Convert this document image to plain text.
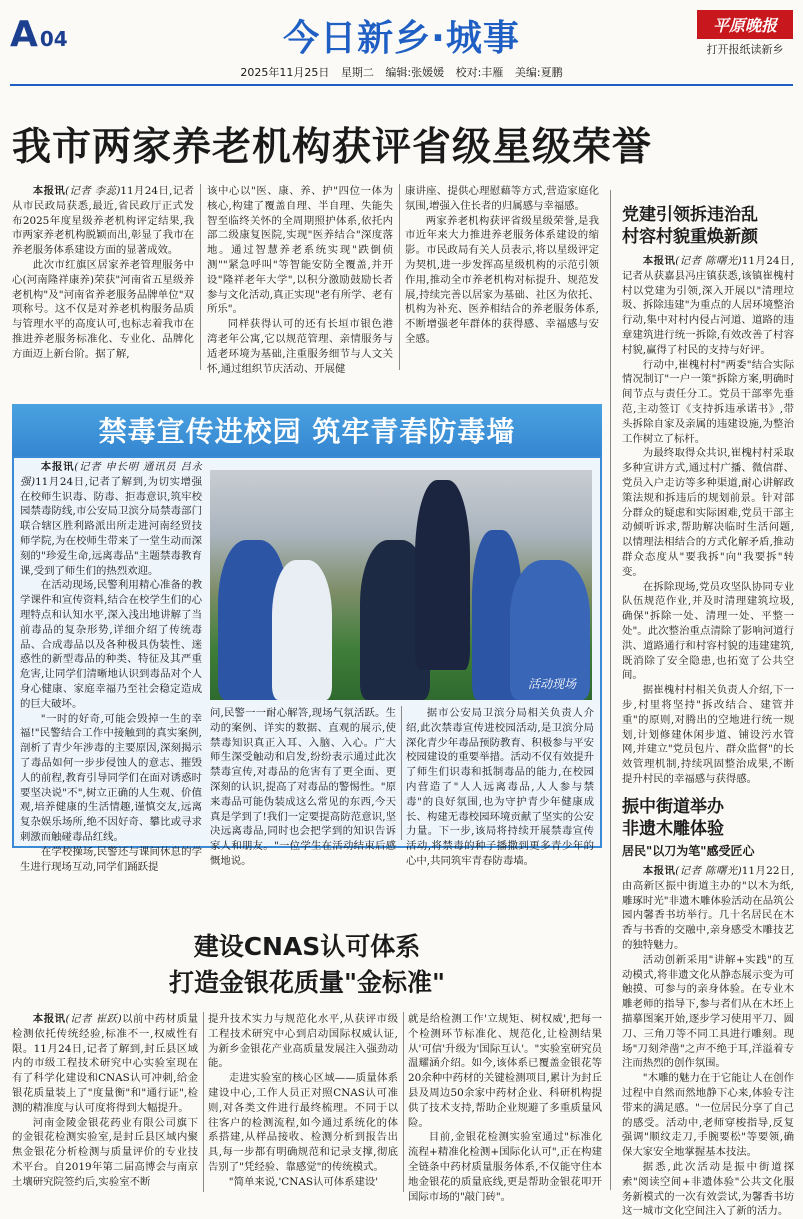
A 04	今日新乡·城事	平原晚报
打开报纸读新乡
2025年11月25日 星期二 编辑:张媛媛 校对:丰雁 美编:夏鹏
我市两家养老机构获评省级星级荣誉

本报讯(记者 李蕊)11月24日,记者从市民政局获悉,最近,省民政厅正式发布2025年度星级养老机构评定结果,我市两家养老机构脱颖而出,彰显了我市在养老服务体系建设方面的显著成效。

此次市红旗区居家养老管理服务中心(河南隆祥康养)荣获"河南省五星级养老机构"及"河南省养老服务品牌单位"双项称号。这不仅是对养老机构服务品质与管理水平的高度认可,也标志着我市在推进养老服务标准化、专业化、品牌化方面迈上新台阶。据了解,

该中心以"医、康、养、护"四位一体为核心,构建了覆盖自理、半自理、失能失智至临终关怀的全周期照护体系,依托内部二级康复医院,实现"医养结合"深度落地。通过智慧养老系统实现"跌倒侦测""紧急呼叫"等智能安防全覆盖,并开设"隆祥老年大学",以积分激励鼓励长者参与文化活动,真正实现"老有所学、老有所乐"。

同样获得认可的还有长垣市银色港湾老年公寓,它以规范管理、亲情服务与适老环境为基础,注重服务细节与人文关怀,通过组织节庆活动、开展健

康讲座、提供心理慰藉等方式,营造家庭化氛围,增强入住长者的归属感与幸福感。

两家养老机构获评省级星级荣誉,是我市近年来大力推进养老服务体系建设的缩影。市民政局有关人员表示,将以星级评定为契机,进一步发挥高星级机构的示范引领作用,推动全市养老机构对标提升、规范发展,持续完善以居家为基础、社区为依托、机构为补充、医养相结合的养老服务体系,不断增强老年群体的获得感、幸福感与安全感。

禁毒宣传进校园 筑牢青春防毒墙
活动现场

本报讯(记者 申长明 通讯员 吕永强)11月24日,记者了解到,为切实增强在校师生识毒、防毒、拒毒意识,筑牢校园禁毒防线,市公安局卫滨分局禁毒部门联合辖区胜利路派出所走进河南经贸技师学院,为在校师生带来了一堂生动而深刻的"珍爱生命,远离毒品"主题禁毒教育课,受到了师生们的热烈欢迎。

在活动现场,民警利用精心准备的教学课件和宣传资料,结合在校学生们的心理特点和认知水平,深入浅出地讲解了当前毒品的复杂形势,详细介绍了传统毒品、合成毒品以及各种极具伪装性、迷惑性的新型毒品的种类、特征及其严重危害,让同学们清晰地认识到毒品对个人身心健康、家庭幸福乃至社会稳定造成的巨大破坏。

"一时的好奇,可能会毁掉一生的幸福!"民警结合工作中接触到的真实案例,剖析了青少年涉毒的主要原因,深刻揭示了毒品如何一步步侵蚀人的意志、摧毁人的前程,教育引导同学们在面对诱惑时要坚决说"不",树立正确的人生观、价值观,培养健康的生活情趣,谨慎交友,远离复杂娱乐场所,绝不因好奇、攀比或寻求刺激而触碰毒品红线。

在学校操场,民警还与课间休息的学生进行现场互动,同学们踊跃提

问,民警一一耐心解答,现场气氛活跃。生动的案例、详实的数据、直观的展示,使禁毒知识真正入耳、入脑、入心。广大师生深受触动和启发,纷纷表示通过此次禁毒宣传,对毒品的危害有了更全面、更深刻的认识,提高了对毒品的警惕性。"原来毒品可能伪装成这么常见的东西,今天真是学到了!我们一定要提高防范意识,坚决远离毒品,同时也会把学到的知识告诉家人和朋友。"一位学生在活动结束后感慨地说。

据市公安局卫滨分局相关负责人介绍,此次禁毒宣传进校园活动,是卫滨分局深化青少年毒品预防教育、积极参与平安校园建设的重要举措。活动不仅有效提升了师生们识毒和抵制毒品的能力,在校园内营造了"人人远离毒品,人人参与禁毒"的良好氛围,也为守护青少年健康成长、构建无毒校园环境贡献了坚实的公安力量。下一步,该局将持续开展禁毒宣传活动,将禁毒的种子播撒到更多青少年的心中,共同筑牢青春防毒墙。

建设CNAS认可体系
打造金银花质量"金标准"

本报讯(记者 崔跃)以前中药材质量检测依托传统经验,标准不一,权威性有限。11月24日,记者了解到,封丘县区域内的市级工程技术研究中心实验室现在有了科学化建设和CNAS认可冲刺,给金银花质量装上了"度量衡"和"通行证",检测的精准度与认可度将得到大幅提升。

河南金陵金银花药业有限公司旗下的金银花检测实验室,是封丘县区域内聚焦金银花分析检测与质量评价的专业技术平台。自2019年第二届高博会与南京土壤研究院签约后,实验室不断

提升技术实力与规范化水平,从获评市级工程技术研究中心到启动国际权威认证,为新乡金银花产业高质量发展注入强劲动能。

走进实验室的核心区域——质量体系建设中心,工作人员正对照CNAS认可准则,对各类文件进行最终梳理。不同于以往客户的检测流程,如今通过系统化的体系搭建,从样品接收、检测分析到报告出具,每一步都有明确规范和记录支撑,彻底告别了"凭经验、靠感觉"的传统模式。

"简单来说,'CNAS认可体系建设'

就是给检测工作'立规矩、树权威',把每一个检测环节标准化、规范化,让检测结果从'可信'升级为'国际互认'。"实验室研究员温耀涵介绍。如今,该体系已覆盖金银花等20余种中药材的关键检测项目,累计为封丘县及周边50余家中药材企业、科研机构提供了技术支持,帮助企业规避了多重质量风险。

目前,金银花检测实验室通过"标准化流程+精准化检测+国际化认可",正在构建全链条中药材质量服务体系,不仅能守住本地金银花的质量底线,更是帮助金银花叩开国际市场的"敲门砖"。

党建引领拆违治乱
村容村貌重焕新颜

本报讯(记者 陈曙光)11月24日,记者从获嘉县冯庄镇获悉,该镇崔槐村村以党建为引领,深入开展以"清理垃圾、拆除违建"为重点的人居环境整治行动,集中对村内侵占河道、道路的违章建筑进行统一拆除,有效改善了村容村貌,赢得了村民的支持与好评。

行动中,崔槐村村"两委"结合实际情况制订"一户一策"拆除方案,明确时间节点与责任分工。党员干部率先垂范,主动签订《支持拆违承诺书》,带头拆除自家及亲属的违建设施,为整治工作树立了标杆。

为最终取得众共识,崔槐村村采取多种宣讲方式,通过村广播、微信群、党员入户走访等多种渠道,耐心讲解政策法规和拆违后的规划前景。针对部分群众的疑虑和实际困难,党员干部主动倾听诉求,帮助解决临时生活问题,以情理法相结合的方式化解矛盾,推动群众态度从"要我拆"向"我要拆"转变。

在拆除现场,党员攻坚队协同专业队伍规范作业,并及时清理建筑垃圾,确保"拆除一处、清理一处、平整一处"。此次整治重点清除了影响河道行洪、道路通行和村容村貌的违建建筑,既消除了安全隐患,也拓宽了公共空间。

据崔槐村村相关负责人介绍,下一步,村里将坚持"拆改结合、建管并重"的原则,对腾出的空地进行统一规划,计划修建休闲步道、铺设污水管网,并建立"党员包片、群众监督"的长效管理机制,持续巩固整治成果,不断提升村民的幸福感与获得感。

振中街道举办
非遗木雕体验
居民"以刀为笔"感受匠心

本报讯(记者 陈曙光)11月22日,由高新区振中街道主办的"以木为纸,雕琢时光"非遗木雕体验活动在品筑公园内馨香书坊举行。几十名居民在木香与书香的交融中,亲身感受木雕技艺的独特魅力。

活动创新采用"讲解+实践"的互动模式,将非遗文化从静态展示变为可触摸、可参与的亲身体验。在专业木雕老师的指导下,参与者们从在木坯上描摹图案开始,逐步学习使用平刀、圆刀、三角刀等不同工具进行雕刻。现场"刀刻斧凿"之声不绝于耳,洋溢着专注而热烈的创作氛围。

"木雕的魅力在于它能让人在创作过程中自然而然地静下心来,体验专注带来的满足感。"一位居民分享了自己的感受。活动中,老师穿梭指导,反复强调"顺纹走刀,手腕要松"等要领,确保大家安全地掌握基本技法。

据悉,此次活动是振中街道探索"阅读空间+非遗体验"公共文化服务新模式的一次有效尝试,为馨香书坊这一城市文化空间注入了新的活力。
